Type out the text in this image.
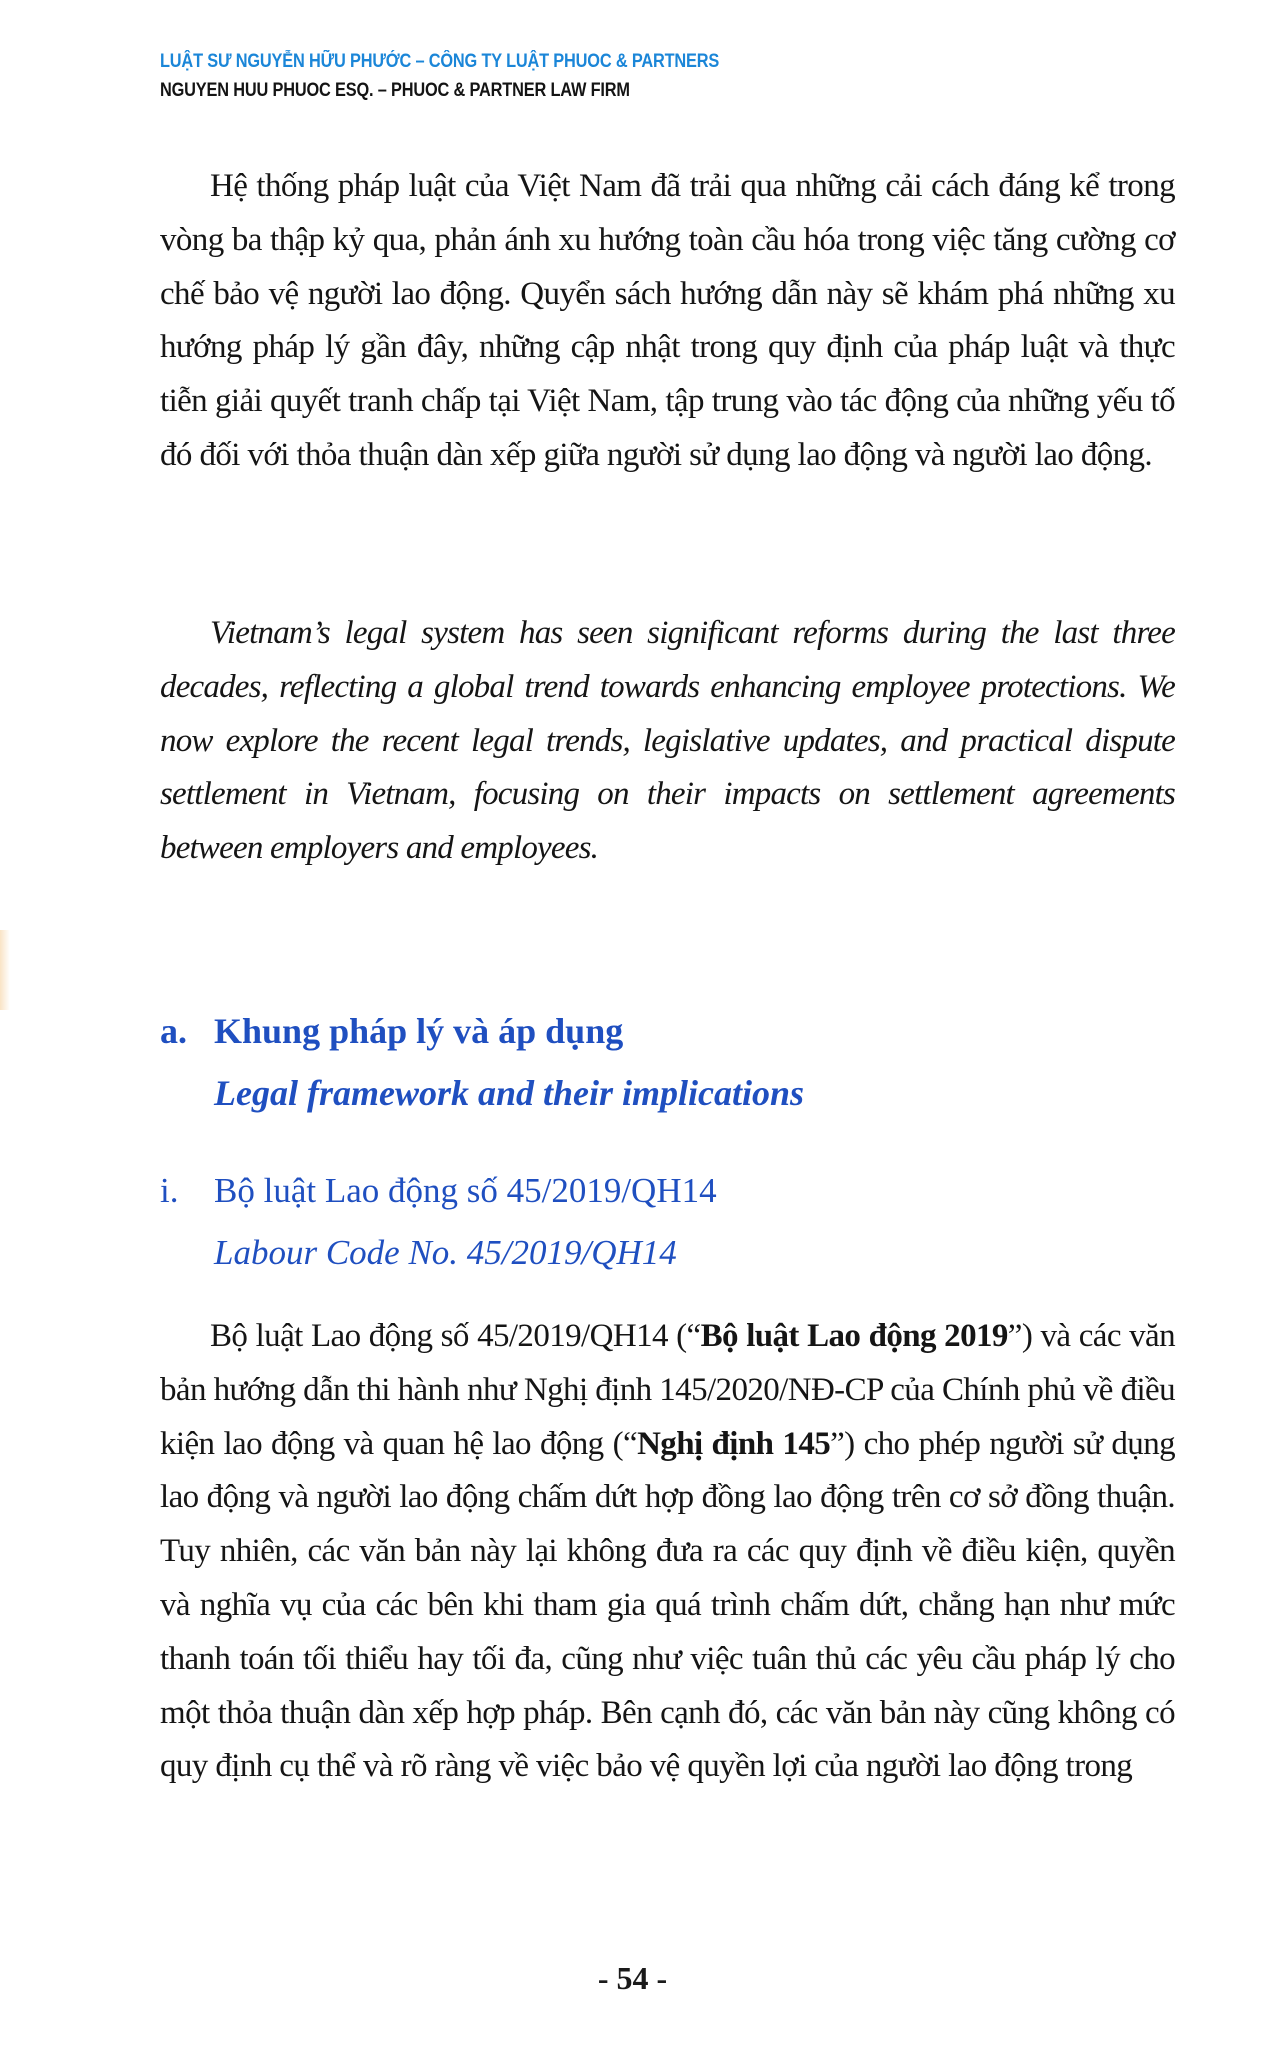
LUẬT SƯ NGUYỄN HỮU PHƯỚC – CÔNG TY LUẬT PHUOC & PARTNERS
NGUYEN HUU PHUOC ESQ. – PHUOC & PARTNER LAW FIRM

Hệ thống pháp luật của Việt Nam đã trải qua những cải cách đáng kể trong vòng ba thập kỷ qua, phản ánh xu hướng toàn cầu hóa trong việc tăng cường cơ chế bảo vệ người lao động. Quyển sách hướng dẫn này sẽ khám phá những xu hướng pháp lý gần đây, những cập nhật trong quy định của pháp luật và thực tiễn giải quyết tranh chấp tại Việt Nam, tập trung vào tác động của những yếu tố đó đối với thỏa thuận dàn xếp giữa người sử dụng lao động và người lao động.

Vietnam’s legal system has seen significant reforms during the last three decades, reflecting a global trend towards enhancing employee protections. We now explore the recent legal trends, legislative updates, and practical dispute settlement in Vietnam, focusing on their impacts on settlement agreements between employers and employees.

a. Khung pháp lý và áp dụng
Legal framework and their implications
i. Bộ luật Lao động số 45/2019/QH14
Labour Code No. 45/2019/QH14

Bộ luật Lao động số 45/2019/QH14 (“Bộ luật Lao động 2019”) và các văn bản hướng dẫn thi hành như Nghị định 145/2020/NĐ-CP của Chính phủ về điều kiện lao động và quan hệ lao động (“Nghị định 145”) cho phép người sử dụng lao động và người lao động chấm dứt hợp đồng lao động trên cơ sở đồng thuận. Tuy nhiên, các văn bản này lại không đưa ra các quy định về điều kiện, quyền và nghĩa vụ của các bên khi tham gia quá trình chấm dứt, chẳng hạn như mức thanh toán tối thiểu hay tối đa, cũng như việc tuân thủ các yêu cầu pháp lý cho một thỏa thuận dàn xếp hợp pháp. Bên cạnh đó, các văn bản này cũng không có quy định cụ thể và rõ ràng về việc bảo vệ quyền lợi của người lao động trong

- 54 -
